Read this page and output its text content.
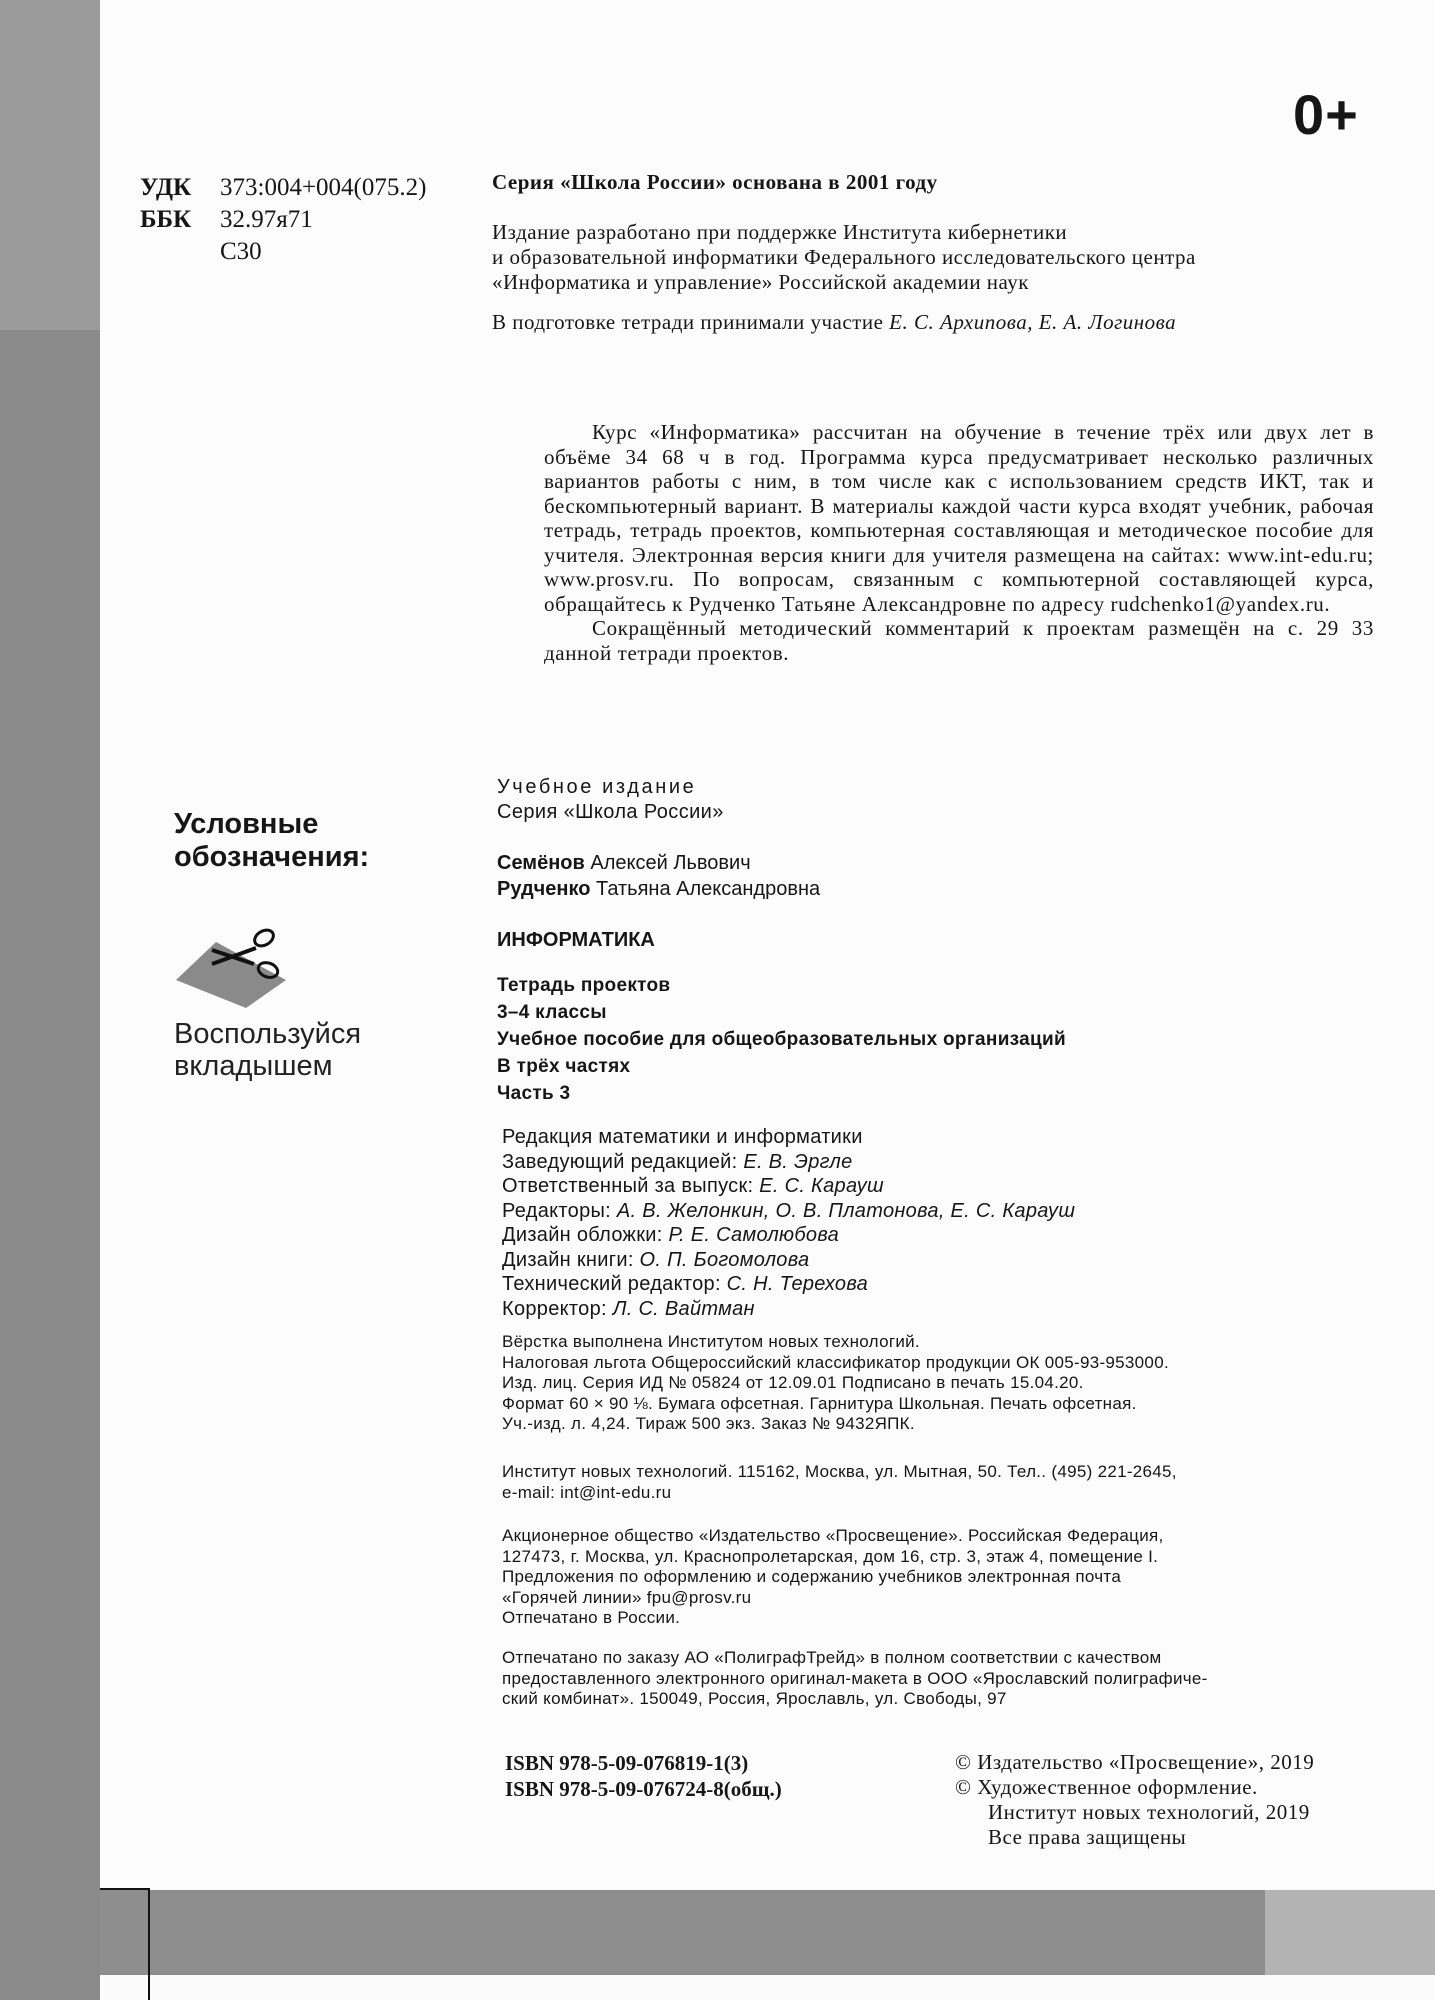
0+
УДК 373:004+004(075.2)
ББК 32.97я71
С30
Серия «Школа России» основана в 2001 году
Издание разработано при поддержке Института кибернетики
и образовательной информатики Федерального исследовательского центра
«Информатика и управление» Российской академии наук
В подготовке тетради принимали участие Е. С. Архипова, Е. А. Логинова

Курс «Информатика» рассчитан на обучение в течение трёх или двух лет в объёме 34 68 ч в год. Программа курса предусматривает несколько различных вариантов работы с ним, в том числе как с использованием средств ИКТ, так и бескомпьютерный вариант. В материалы каждой части курса входят учебник, рабочая тетрадь, тетрадь проектов, компьютерная составляющая и методическое пособие для учителя. Электронная версия книги для учителя размещена на сайтах: www.int-edu.ru; www.prosv.ru. По вопросам, связанным с компьютерной составляющей курса, обращайтесь к Рудченко Татьяне Александровне по адресу rudchenko1@yandex.ru.

Сокращённый методический комментарий к проектам размещён на с. 29 33 данной тетради проектов.

Условные
обозначения:
Воспользуйся
вкладышем
Учебное издание
Серия «Школа России»
Семёнов Алексей Львович
Рудченко Татьяна Александровна
ИНФОРМАТИКА
Тетрадь проектов
3–4 классы
Учебное пособие для общеобразовательных организаций
В трёх частях
Часть 3
Редакция математики и информатики
Заведующий редакцией: Е. В. Эргле
Ответственный за выпуск: Е. С. Карауш
Редакторы: А. В. Желонкин, О. В. Платонова, Е. С. Карауш
Дизайн обложки: Р. Е. Самолюбова
Дизайн книги: О. П. Богомолова
Технический редактор: С. Н. Терехова
Корректор: Л. С. Вайтман
Вёрстка выполнена Институтом новых технологий.
Налоговая льгота Общероссийский классификатор продукции ОК 005-93-953000.
Изд. лиц. Серия ИД № 05824 от 12.09.01 Подписано в печать 15.04.20.
Формат 60 × 90 ⅛. Бумага офсетная. Гарнитура Школьная. Печать офсетная.
Уч.-изд. л. 4,24. Тираж 500 экз. Заказ № 9432ЯПК.
Институт новых технологий. 115162, Москва, ул. Мытная, 50. Тел.. (495) 221-2645,
e-mail: int@int-edu.ru
Акционерное общество «Издательство «Просвещение». Российская Федерация,
127473, г. Москва, ул. Краснопролетарская, дом 16, стр. 3, этаж 4, помещение I.
Предложения по оформлению и содержанию учебников электронная почта
«Горячей линии» fpu@prosv.ru
Отпечатано в России.
Отпечатано по заказу АО «ПолиграфТрейд» в полном соответствии с качеством
предоставленного электронного оригинал-макета в ООО «Ярославский полиграфиче-
ский комбинат». 150049, Россия, Ярославль, ул. Свободы, 97
ISBN 978-5-09-076819-1(3)
ISBN 978-5-09-076724-8(общ.)
© Издательство «Просвещение», 2019
© Художественное оформление.
Институт новых технологий, 2019
Все права защищены
